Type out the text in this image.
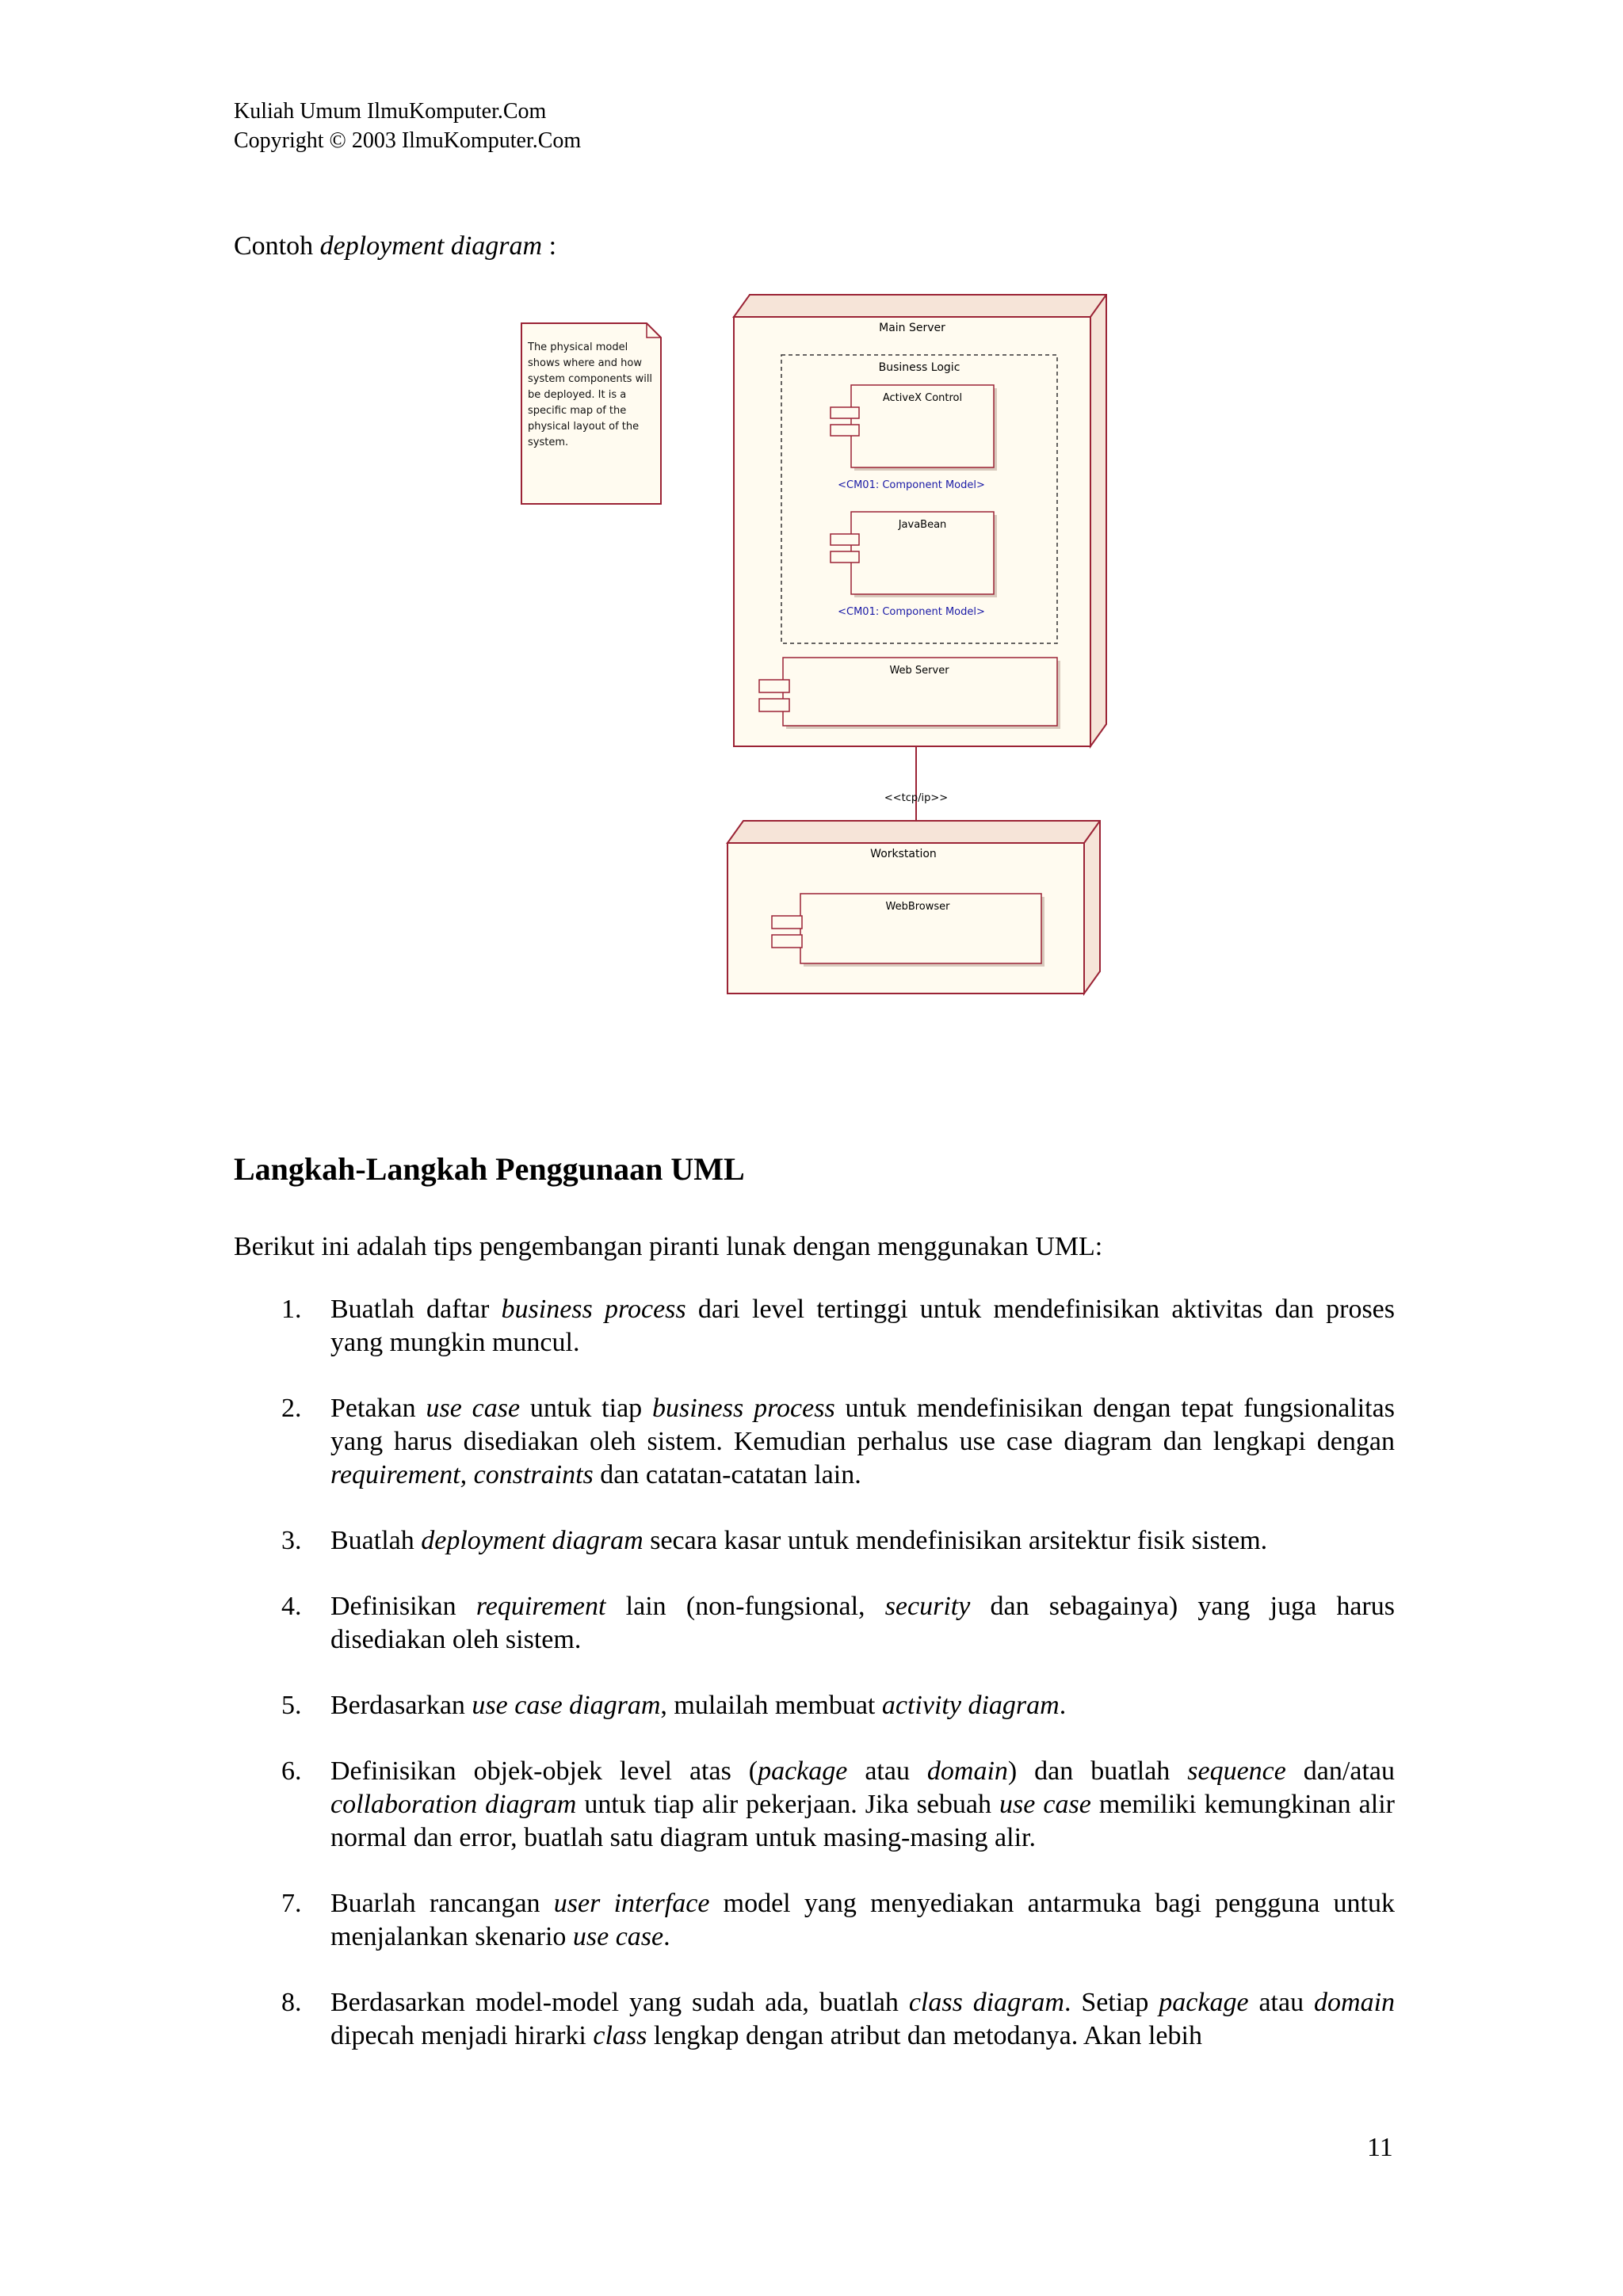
Kuliah Umum IlmuKomputer.Com
Copyright © 2003 IlmuKomputer.Com
Contoh deployment diagram :
The physical model shows where and how system components will be deployed. It is a specific map of the physical layout of the system.
Main Server
Business Logic
ActiveX Control
<CM01: Component Model>
JavaBean
<CM01: Component Model>
Web Server
<<tcp/ip>>
Workstation
WebBrowser
Langkah-Langkah Penggunaan UML
Berikut ini adalah tips pengembangan piranti lunak dengan menggunakan UML:
1. Buatlah daftar business process dari level tertinggi untuk mendefinisikan aktivitas dan proses yang mungkin muncul.
2. Petakan use case untuk tiap business process untuk mendefinisikan dengan tepat fungsionalitas yang harus disediakan oleh sistem. Kemudian perhalus use case diagram dan lengkapi dengan requirement, constraints dan catatan-catatan lain.
3. Buatlah deployment diagram secara kasar untuk mendefinisikan arsitektur fisik sistem.
4. Definisikan requirement lain (non-fungsional, security dan sebagainya) yang juga harus disediakan oleh sistem.
5. Berdasarkan use case diagram, mulailah membuat activity diagram.
6. Definisikan objek-objek level atas (package atau domain) dan buatlah sequence dan/atau collaboration diagram untuk tiap alir pekerjaan. Jika sebuah use case memiliki kemungkinan alir normal dan error, buatlah satu diagram untuk masing-masing alir.
7. Buarlah rancangan user interface model yang menyediakan antarmuka bagi pengguna untuk menjalankan skenario use case.
8. Berdasarkan model-model yang sudah ada, buatlah class diagram. Setiap package atau domain dipecah menjadi hirarki class lengkap dengan atribut dan metodanya. Akan lebih
11
